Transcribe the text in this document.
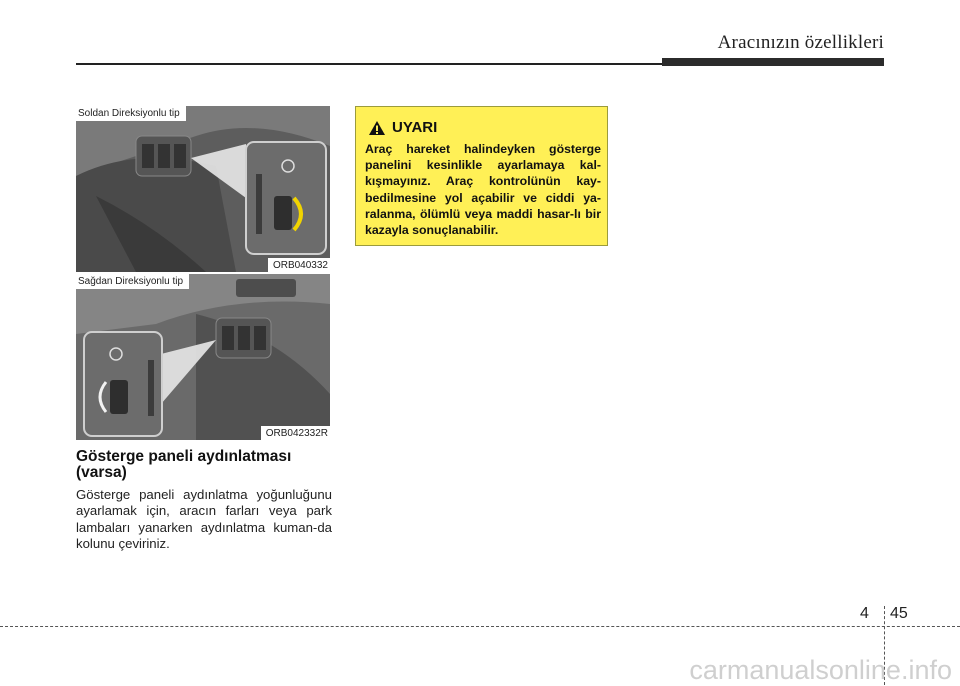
Aracınızın özellikleri
Soldan Direksiyonlu tip
ORB040332
Sağdan Direksiyonlu tip
ORB042332R
Gösterge paneli aydınlatması (varsa)
Gösterge paneli aydınlatma yoğunluğunu ayarlamak için, aracın farları veya park lambaları yanarken aydınlatma kuman-da kolunu çeviriniz.
UYARI
Araç hareket halindeyken gösterge panelini kesinlikle ayarlamaya kal-kışmayınız. Araç kontrolünün kay-bedilmesine yol açabilir ve ciddi ya-ralanma, ölümlü veya maddi hasar-lı bir kazayla sonuçlanabilir.
4 45
carmanualsonline.info
